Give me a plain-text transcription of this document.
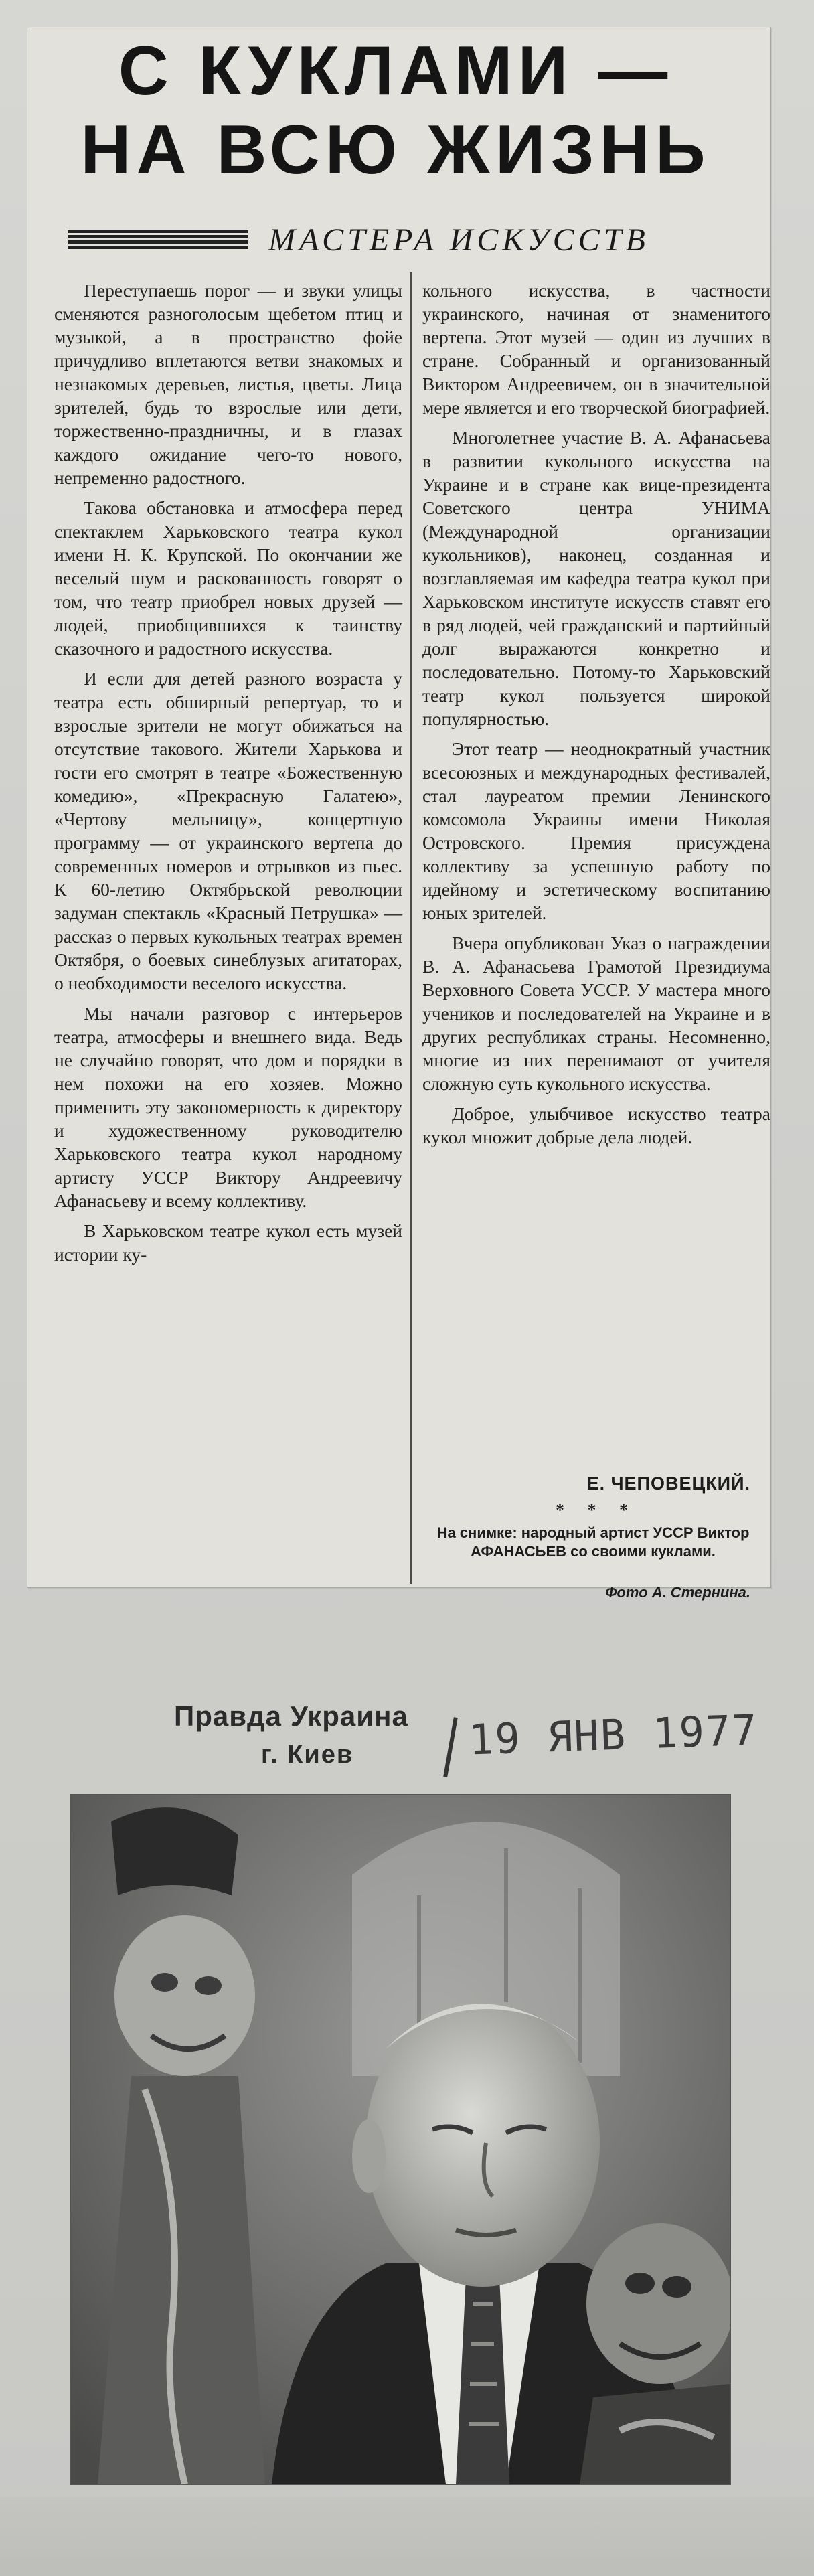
С КУКЛАМИ —
НА ВСЮ ЖИЗНЬ
МАСТЕРА ИСКУССТВ

Переступаешь порог — и звуки улицы сменяются разноголосым щебетом птиц и музыкой, а в пространство фойе причудливо вплетаются ветви знакомых и незнакомых деревьев, листья, цветы. Лица зрителей, будь то взрослые или дети, торжественно-праздничны, и в глазах каждого ожидание чего-то нового, непременно радостного.

Такова обстановка и атмосфера перед спектаклем Харьковского театра кукол имени Н. К. Крупской. По окончании же веселый шум и раскованность говорят о том, что театр приобрел новых друзей — людей, приобщившихся к таинству сказочного и радостного искусства.

И если для детей разного возраста у театра есть обширный репертуар, то и взрослые зрители не могут обижаться на отсутствие такового. Жители Харькова и гости его смотрят в театре «Божественную комедию», «Прекрасную Галатею», «Чертову мельницу», концертную программу — от украинского вертепа до современных номеров и отрывков из пьес. К 60-летию Октябрьской революции задуман спектакль «Красный Петрушка» — рассказ о первых кукольных театрах времен Октября, о боевых синеблузых агитаторах, о необходимости веселого искусства.

Мы начали разговор с интерьеров театра, атмосферы и внешнего вида. Ведь не случайно говорят, что дом и порядки в нем похожи на его хозяев. Можно применить эту закономерность к директору и художественному руководителю Харьковского театра кукол народному артисту УССР Виктору Андреевичу Афанасьеву и всему коллективу.

В Харьковском театре кукол есть музей истории ку-

кольного искусства, в частности украинского, начиная от знаменитого вертепа. Этот музей — один из лучших в стране. Собранный и организованный Виктором Андреевичем, он в значительной мере является и его творческой биографией.

Многолетнее участие В. А. Афанасьева в развитии кукольного искусства на Украине и в стране как вице-президента Советского центра УНИМА (Международной организации кукольников), наконец, созданная и возглавляемая им кафедра театра кукол при Харьковском институте искусств ставят его в ряд людей, чей гражданский и партийный долг выражаются конкретно и последовательно. Потому-то Харьковский театр кукол пользуется широкой популярностью.

Этот театр — неоднократный участник всесоюзных и международных фестивалей, стал лауреатом премии Ленинского комсомола Украины имени Николая Островского. Премия присуждена коллективу за успешную работу по идейному и эстетическому воспитанию юных зрителей.

Вчера опубликован Указ о награждении В. А. Афанасьева Грамотой Президиума Верховного Совета УССР. У мастера много учеников и последователей на Украине и в других республиках страны. Несомненно, многие из них перенимают от учителя сложную суть кукольного искусства.

Доброе, улыбчивое искусство театра кукол множит добрые дела людей.

Е. ЧЕПОВЕЦКИЙ.
* * *
На снимке: народный артист УССР Виктор АФАНАСЬЕВ со своими куклами.
Фото А. Стернина.
Правда Украина
г. Киев	19 ЯНВ 1977
